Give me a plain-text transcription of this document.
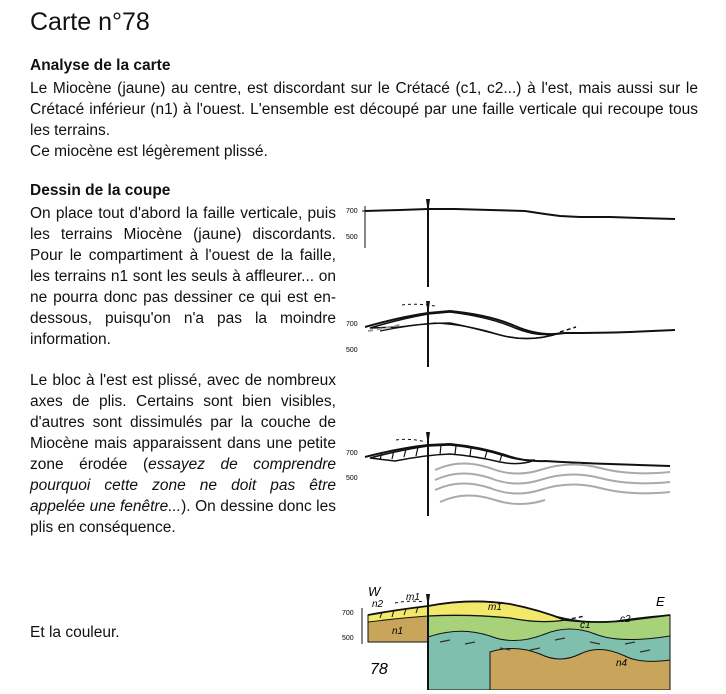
Carte n°78
Analyse de la carte

Le Miocène (jaune) au centre, est discordant sur le Crétacé (c1, c2...) à l'est, mais aussi sur le Crétacé inférieur (n1) à l'ouest. L'ensemble est découpé par une faille verticale qui recoupe tous les terrains.

Ce miocène est légèrement plissé.

Dessin de la coupe

On place tout d'abord la faille verticale, puis les terrains Miocène (jaune) discordants. Pour le compartiment à l'ouest de la faille, les terrains n1 sont les seuls à affleurer... on ne pourra donc pas dessiner ce qui est en-dessous, puisqu'on n'a pas la moindre information.

Le bloc à l'est est plissé, avec de nombreux axes de plis. Certains sont bien visibles, d'autres sont dissimulés par la couche de Miocène mais apparaissent dans une petite zone érodée (essayez de comprendre pourquoi cette zone ne doit pas être appelée une fenêtre...). On dessine donc les plis en conséquence.

Et la couleur.

700
500
700
500
700
500
700
500
W
n2
m1
n1
m1	E
c1
c2
n4
78
